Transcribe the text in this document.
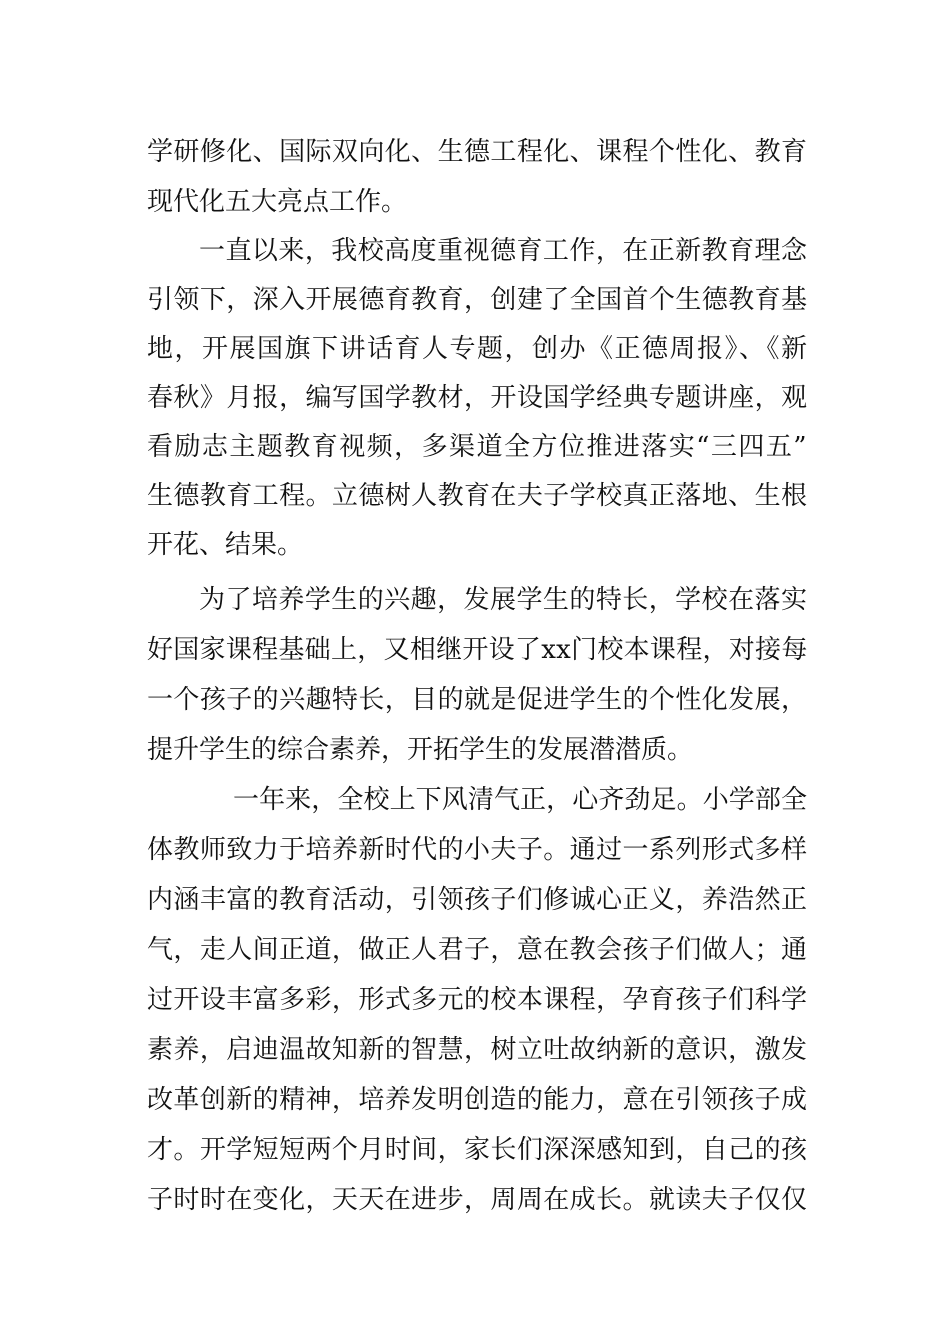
学研修化、国际双向化、生德工程化、课程个性化、教育
现代化五大亮点工作。
一直以来，我校高度重视德育工作，在正新教育理念
引领下，深入开展德育教育，创建了全国首个生德教育基
地，开展国旗下讲话育人专题，创办《正德周报》、《新
春秋》月报，编写国学教材，开设国学经典专题讲座，观
看励志主题教育视频，多渠道全方位推进落实“三四五”
生德教育工程。立德树人教育在夫子学校真正落地、生根
开花、结果。
为了培养学生的兴趣，发展学生的特长，学校在落实
好国家课程基础上，又相继开设了xx门校本课程，对接每
一个孩子的兴趣特长，目的就是促进学生的个性化发展，
提升学生的综合素养，开拓学生的发展潜潜质。
一年来，全校上下风清气正，心齐劲足。小学部全
体教师致力于培养新时代的小夫子。通过一系列形式多样
内涵丰富的教育活动，引领孩子们修诚心正义，养浩然正
气，走人间正道，做正人君子，意在教会孩子们做人；通
过开设丰富多彩，形式多元的校本课程，孕育孩子们科学
素养，启迪温故知新的智慧，树立吐故纳新的意识，激发
改革创新的精神，培养发明创造的能力，意在引领孩子成
才。开学短短两个月时间，家长们深深感知到，自己的孩
子时时在变化，天天在进步，周周在成长。就读夫子仅仅
